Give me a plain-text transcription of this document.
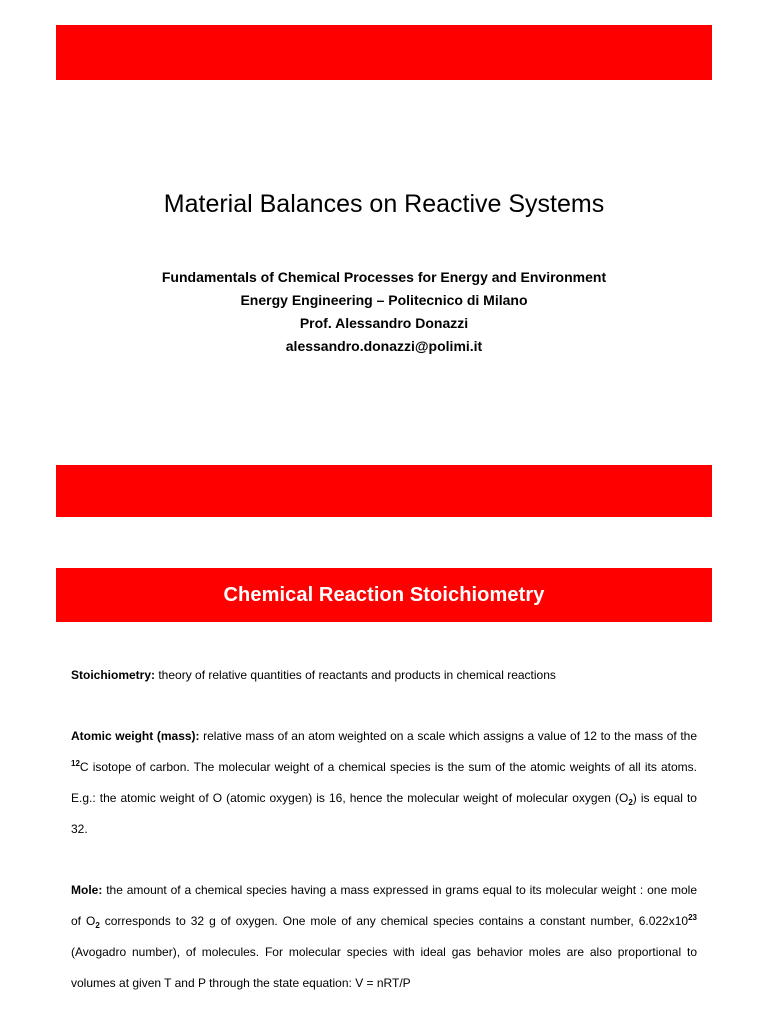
Material Balances on Reactive Systems
Fundamentals of Chemical Processes for Energy and Environment
Energy Engineering – Politecnico di Milano
Prof. Alessandro Donazzi
alessandro.donazzi@polimi.it
Chemical Reaction Stoichiometry
Stoichiometry: theory of relative quantities of reactants and products in chemical reactions
Atomic weight (mass): relative mass of an atom weighted on a scale which assigns a value of 12 to the mass of the $^{12}$C isotope of carbon. The molecular weight of a chemical species is the sum of the atomic weights of all its atoms. E.g.: the atomic weight of O (atomic oxygen) is 16, hence the molecular weight of molecular oxygen $(O_2)$ is equal to 32.
Mole: the amount of a chemical species having a mass expressed in grams equal to its molecular weight : one mole of $O_2$ corresponds to 32 g of oxygen. One mole of any chemical species contains a constant number, $6.022x10^{23}$ (Avogadro number), of molecules. For molecular species with ideal gas behavior moles are also proportional to volumes at given T and P through the state equation: V = nRT/P
